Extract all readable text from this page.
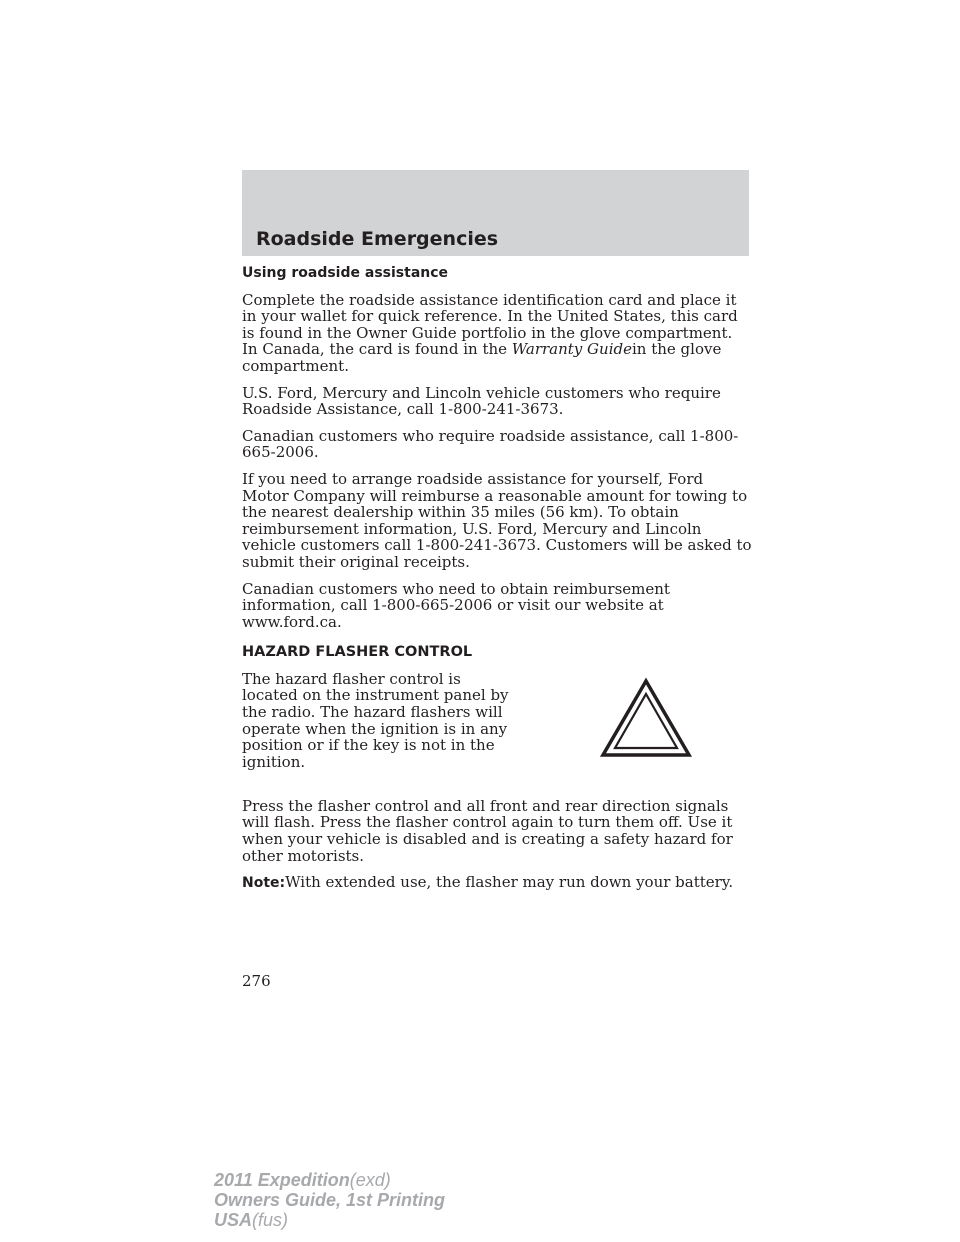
Roadside Emergencies
Using roadside assistance

Complete the roadside assistance identification card and place it in your wallet for quick reference. In the United States, this card is found in the Owner Guide portfolio in the glove compartment. In Canada, the card is found in the Warranty Guidein the glove compartment.

U.S. Ford, Mercury and Lincoln vehicle customers who require Roadside Assistance, call 1-800-241-3673.

Canadian customers who require roadside assistance, call 1-800-665-2006.

If you need to arrange roadside assistance for yourself, Ford Motor Company will reimburse a reasonable amount for towing to the nearest dealership within 35 miles (56 km). To obtain reimbursement information, U.S. Ford, Mercury and Lincoln vehicle customers call 1-800-241-3673. Customers will be asked to submit their original receipts.

Canadian customers who need to obtain reimbursement information, call 1-800-665-2006 or visit our website at www.ford.ca.

HAZARD FLASHER CONTROL
The hazard flasher control is located on the instrument panel by the radio. The hazard flashers will operate when the ignition is in any position or if the key is not in the ignition.

Press the flasher control and all front and rear direction signals will flash. Press the flasher control again to turn them off. Use it when your vehicle is disabled and is creating a safety hazard for other motorists.

Note:With extended use, the flasher may run down your battery.

276
2011 Expedition(exd)
Owners Guide, 1st Printing
USA(fus)
